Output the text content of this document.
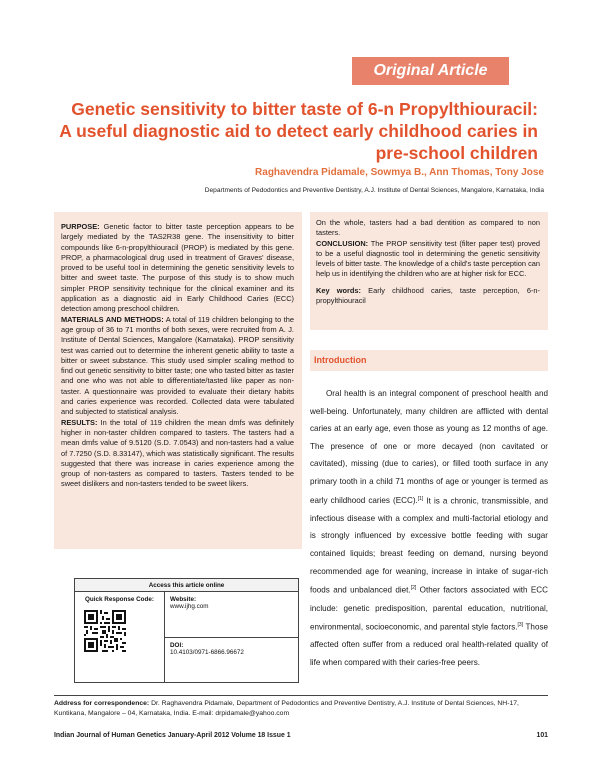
Original Article
Genetic sensitivity to bitter taste of 6-n Propylthiouracil: A useful diagnostic aid to detect early childhood caries in pre-school children
Raghavendra Pidamale, Sowmya B., Ann Thomas, Tony Jose
Departments of Pedodontics and Preventive Dentistry, A.J. Institute of Dental Sciences, Mangalore, Karnataka, India

PURPOSE: Genetic factor to bitter taste perception appears to be largely mediated by the TAS2R38 gene. The insensitivity to bitter compounds like 6-n-propylthiouracil (PROP) is mediated by this gene. PROP, a pharmacological drug used in treatment of Graves' disease, proved to be useful tool in determining the genetic sensitivity levels to bitter and sweet taste. The purpose of this study is to show much simpler PROP sensitivity technique for the clinical examiner and its application as a diagnostic aid in Early Childhood Caries (ECC) detection among preschool children.

MATERIALS AND METHODS: A total of 119 children belonging to the age group of 36 to 71 months of both sexes, were recruited from A. J. Institute of Dental Sciences, Mangalore (Karnataka). PROP sensitivity test was carried out to determine the inherent genetic ability to taste a bitter or sweet substance. This study used simpler scaling method to find out genetic sensitivity to bitter taste; one who tasted bitter as taster and one who was not able to differentiate/tasted like paper as non-taster. A questionnaire was provided to evaluate their dietary habits and caries experience was recorded. Collected data were tabulated and subjected to statistical analysis.

RESULTS: In the total of 119 children the mean dmfs was definitely higher in non-taster children compared to tasters. The tasters had a mean dmfs value of 9.5120 (S.D. 7.0543) and non-tasters had a value of 7.7250 (S.D. 8.33147), which was statistically significant. The results suggested that there was increase in caries experience among the group of non-tasters as compared to tasters. Tasters tended to be sweet dislikers and non-tasters tended to be sweet likers.

On the whole, tasters had a bad dentition as compared to non tasters.

CONCLUSION: The PROP sensitivity test (filter paper test) proved to be a useful diagnostic tool in determining the genetic sensitivity levels of bitter taste. The knowledge of a child's taste perception can help us in identifying the children who are at higher risk for ECC.

Key words: Early childhood caries, taste perception, 6-n-propylthiouracil

Introduction

Oral health is an integral component of preschool health and well-being. Unfortunately, many children are afflicted with dental caries at an early age, even those as young as 12 months of age. The presence of one or more decayed (non cavitated or cavitated), missing (due to caries), or filled tooth surface in any primary tooth in a child 71 months of age or younger is termed as early childhood caries (ECC).[1] It is a chronic, transmissible, and infectious disease with a complex and multi-factorial etiology and is strongly influenced by excessive bottle feeding with sugar contained liquids; breast feeding on demand, nursing beyond recommended age for weaning, increase in intake of sugar-rich foods and unbalanced diet.[2] Other factors associated with ECC include: genetic predisposition, parental education, nutritional, environmental, socioeconomic, and parental style factors.[3] Those affected often suffer from a reduced oral health-related quality of life when compared with their caries-free peers.

Access this article online
Quick Response Code:	Website:
www.ijhg.com
DOI:
10.4103/0971-6866.96672

Address for correspondence: Dr. Raghavendra Pidamale, Department of Pedodontics and Preventive Dentistry, A.J. Institute of Dental Sciences, NH-17, Kuntikana, Mangalore – 04, Karnataka, India. E-mail: drpidamale@yahoo.com

Indian Journal of Human Genetics January-April 2012 Volume 18 Issue 1	101
